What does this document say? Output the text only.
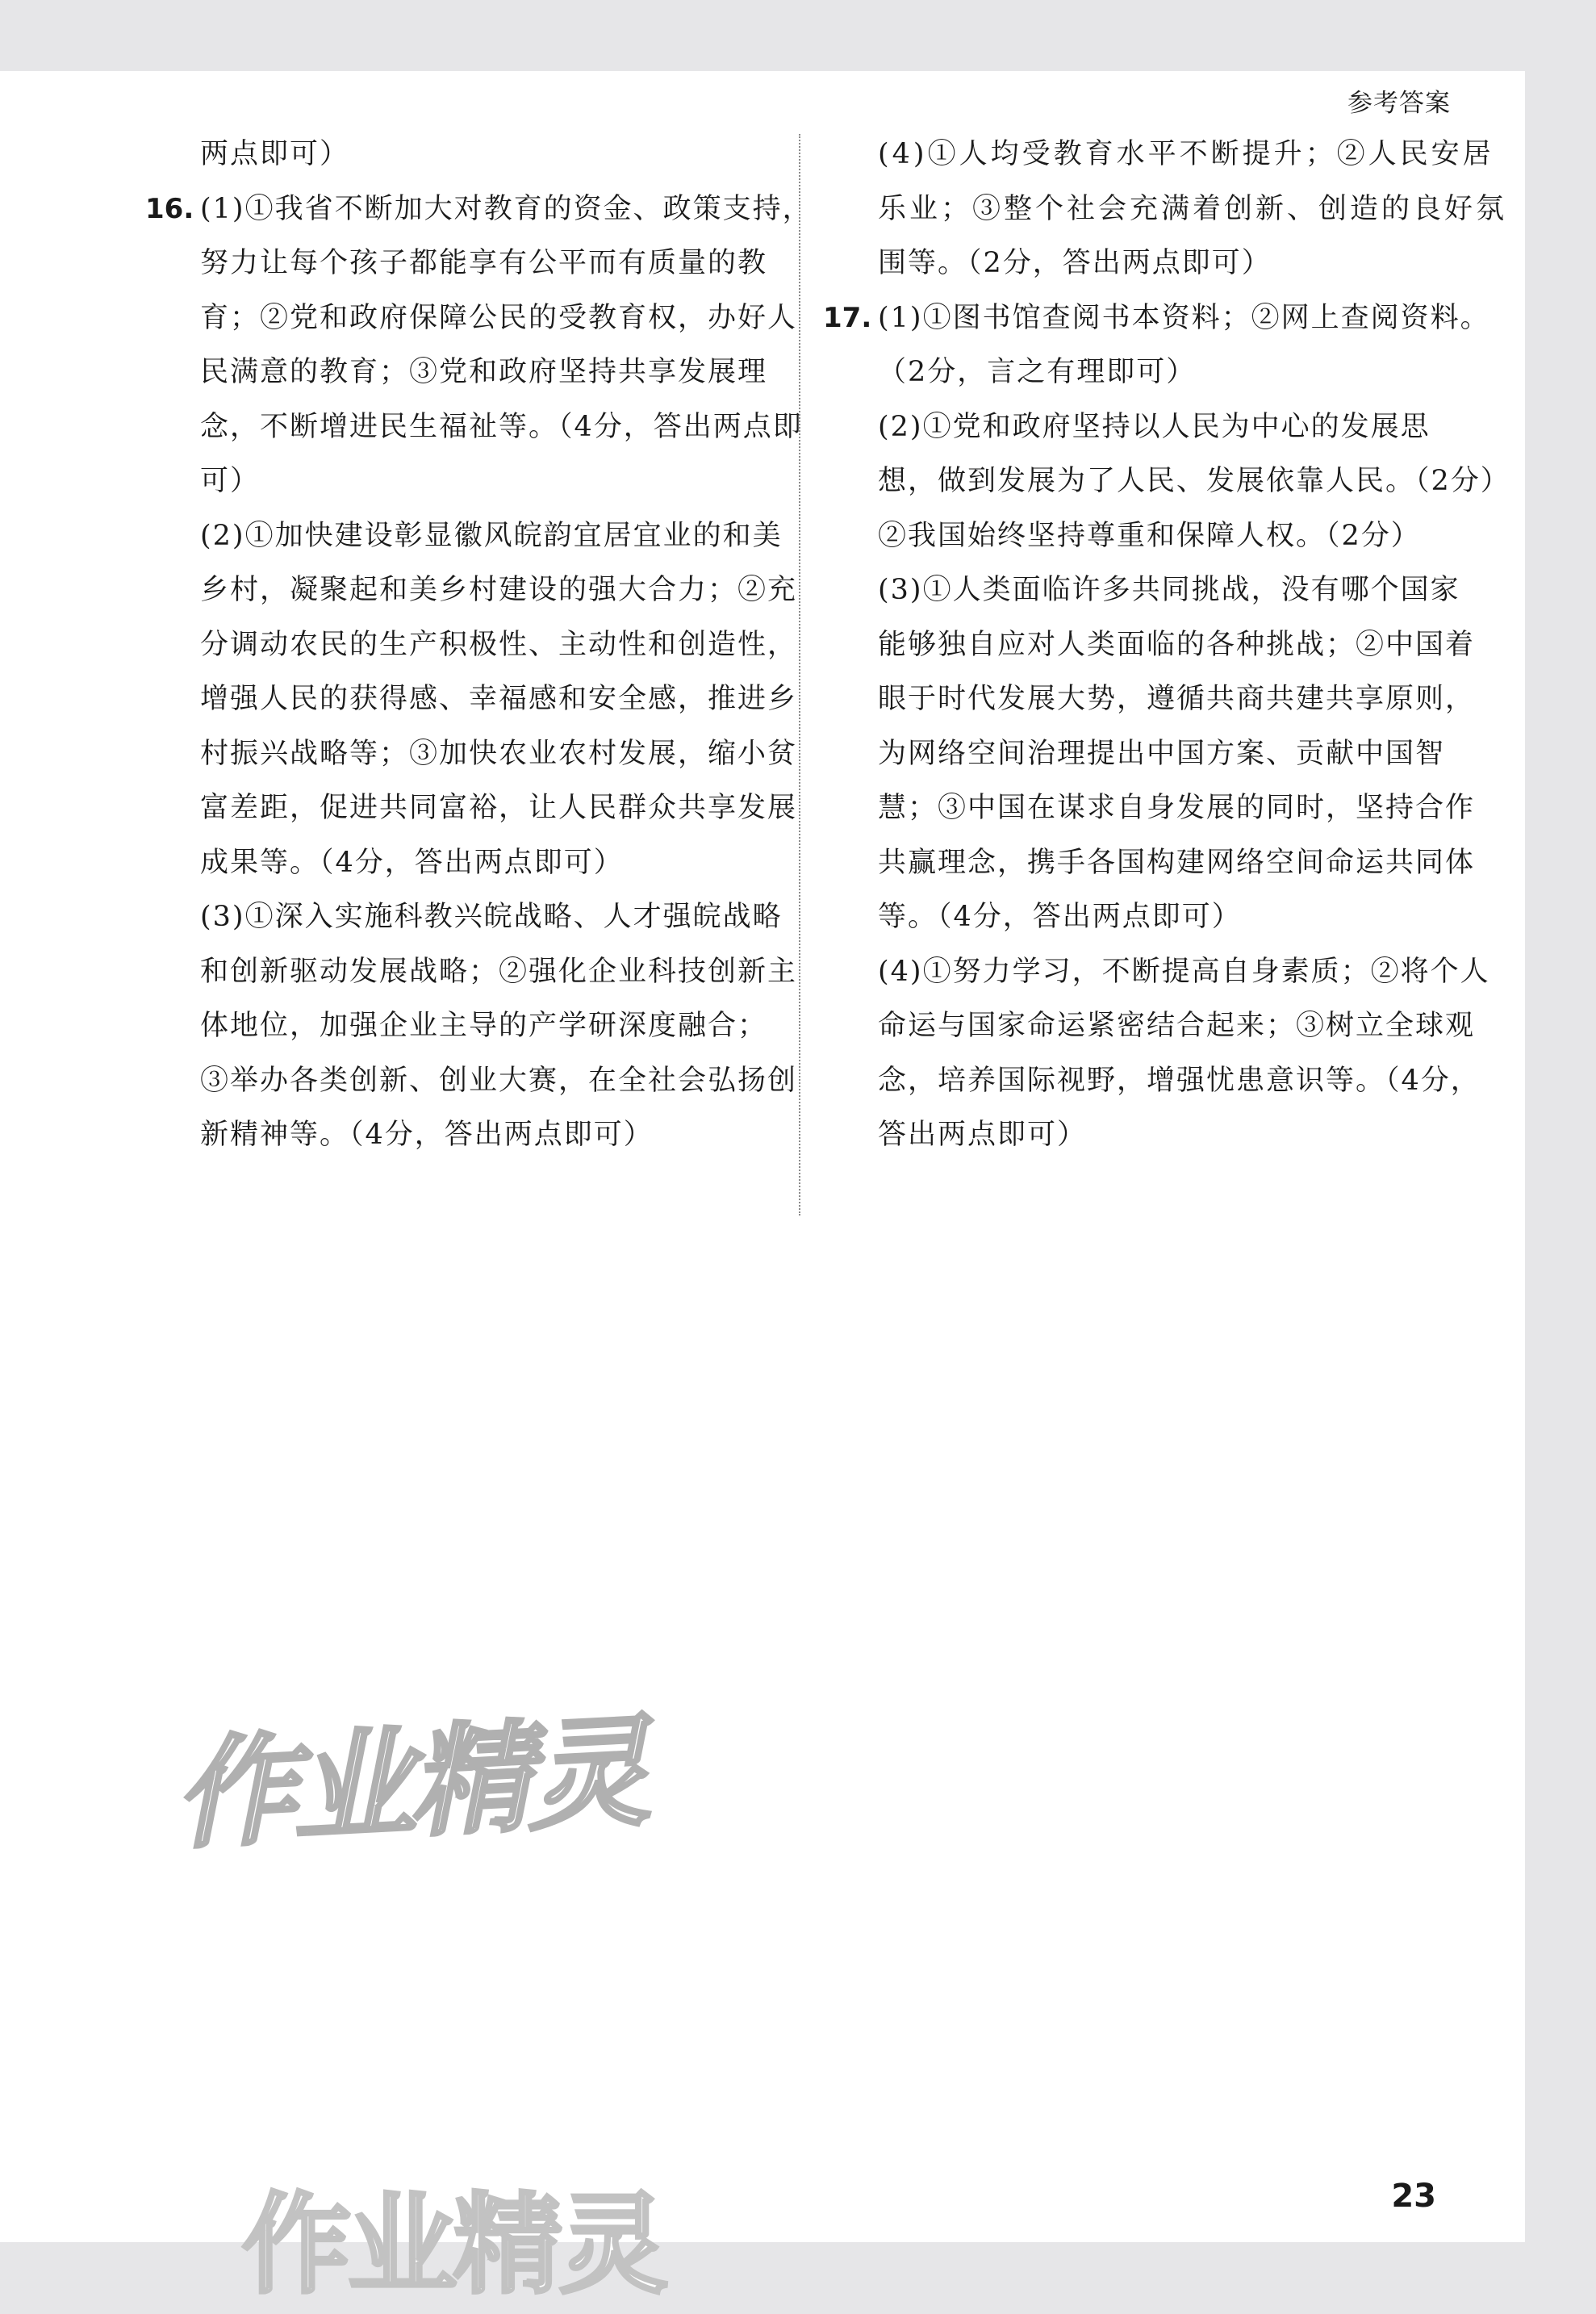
参考答案
两点即可）
16. (1)①我省不断加大对教育的资金、政策支持，
努力让每个孩子都能享有公平而有质量的教
育；②党和政府保障公民的受教育权，办好人
民满意的教育；③党和政府坚持共享发展理
念，不断增进民生福祉等。（4分，答出两点即
可）
(2)①加快建设彰显徽风皖韵宜居宜业的和美
乡村，凝聚起和美乡村建设的强大合力；②充
分调动农民的生产积极性、主动性和创造性，
增强人民的获得感、幸福感和安全感，推进乡
村振兴战略等；③加快农业农村发展，缩小贫
富差距，促进共同富裕，让人民群众共享发展
成果等。（4分，答出两点即可）
(3)①深入实施科教兴皖战略、人才强皖战略
和创新驱动发展战略；②强化企业科技创新主
体地位，加强企业主导的产学研深度融合；
③举办各类创新、创业大赛，在全社会弘扬创
新精神等。（4分，答出两点即可）
(4)①人均受教育水平不断提升；②人民安居
乐业；③整个社会充满着创新、创造的良好氛
围等。（2分，答出两点即可）
17. (1)①图书馆查阅书本资料；②网上查阅资料。
（2分，言之有理即可）
(2)①党和政府坚持以人民为中心的发展思
想，做到发展为了人民、发展依靠人民。（2分）
②我国始终坚持尊重和保障人权。（2分）
(3)①人类面临许多共同挑战，没有哪个国家
能够独自应对人类面临的各种挑战；②中国着
眼于时代发展大势，遵循共商共建共享原则，
为网络空间治理提出中国方案、贡献中国智
慧；③中国在谋求自身发展的同时，坚持合作
共赢理念，携手各国构建网络空间命运共同体
等。（4分，答出两点即可）
(4)①努力学习，不断提高自身素质；②将个人
命运与国家命运紧密结合起来；③树立全球观
念，培养国际视野，增强忧患意识等。（4分，
答出两点即可）
作业精灵
作业精灵	23
